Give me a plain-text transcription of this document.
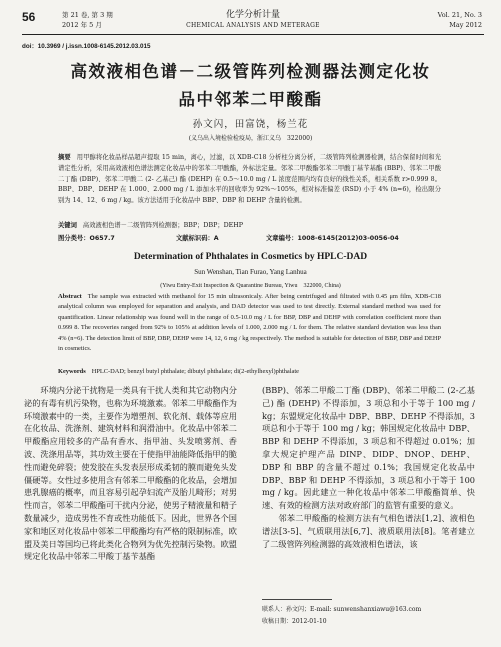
56	第 21 卷, 第 3 期
2012 年 5 月
化学分析计量
CHEMICAL ANALYSIS AND METERAGE
Vol. 21, No. 3
May 2012
doi：10.3969 / j.issn.1008-6145.2012.03.015
高效液相色谱－二级管阵列检测器法测定化妆
品中邻苯二甲酸酯
孙文闪，田富饶，杨兰花
(义乌出入境检验检疫局，浙江义乌　322000)
摘要 用甲醇将化妆品样品超声提取 15 min，离心，过滤，以 XDB-C18 分析柱分离分析，二级管阵列检测器检测，结合保留时间和光谱定性分析，采用高效液相色谱法测定化妆品中的邻苯二甲酸酯，外标法定量。邻苯二甲酸酯邻苯二甲酸丁基苄基酯 (BBP)、邻苯二甲酸二丁酯 (DBP)、邻苯二甲酸二 (2- 乙基己) 酯 (DEHP) 在 0.5～10.0 mg / L 浓度范围内均有良好的线性关系，相关系数 r>0.999 8。BBP、DBP、DEHP 在 1.000、2.000 mg / L 添加水平的回收率为 92%～105%，相对标准偏差 (RSD) 小于 4% (n=6)，检出限分别为 14、12、6 mg / kg。该方法适用于化妆品中 BBP、DBP 和 DEHP 含量的检测。
关键词 高效液相色谱－二级管阵列检测器；BBP；DBP；DEHP
图分类号：O657.7	文献标识码：A	文章编号：1008-6145(2012)03-0056-04
Determination of Phthalates in Cosmetics by HPLC-DAD
Sun Wenshan, Tian Furao, Yang Lanhua
(Yiwu Entry-Exit Inspection & Quarantine Bureau, Yiwu　322000, China)
Abstract The sample was extracted with methanol for 15 min ultrasonicaly. After being centrifuged and filtrated with 0.45 μm film, XDB-C18 analytical column was employed for separation and analysis, and DAD detector was used to test directly. External standard method was used for quantification. Linear relationship was found well in the range of 0.5-10.0 mg / L for BBP, DBP and DEHP with correlation coefficient more than 0.999 8. The recoveries ranged from 92% to 105% at addition levels of 1.000, 2.000 mg / L for them. The relative standard deviation was less than 4% (n=6). The detection limit of BBP, DBP, DEHP were 14, 12, 6 mg / kg respectively. The method is suitable for detection of BBP, DBP and DEHP in cosmetics.
Keywords HPLC-DAD; benzyl butyl phthalate; dibutyl phthalate; di(2-ethylhexyl)phthalate

环境内分泌干扰物是一类具有干扰人类和其它动物内分泌的有毒有机污染物，也称为环境激素。邻苯二甲酸酯作为环境激素中的一类，主要作为增塑剂、软化剂、载体等应用在化妆品、洗涤剂、建筑材料和润滑油中。化妆品中邻苯二甲酸酯应用较多的产品有香水、指甲油、头发喷雾剂、香波、洗涤用品等，其功效主要在于使指甲油能降低指甲的脆性而避免碎裂；使发胶在头发表层形成柔韧的膜而避免头发僵硬等。女性过多使用含有邻苯二甲酸酯的化妆品，会增加患乳腺癌的概率，而且容易引起孕妇流产及胎儿畸形；对男性而言，邻苯二甲酸酯可干扰内分泌，使男子精液量和精子数量减少，造成男性不育或性功能低下。因此，世界各个国家和地区对化妆品中邻苯二甲酸酯均有严格的限制标准，欧盟及美日等国均已将此类化合物列为优先控制污染物。欧盟规定化妆品中邻苯二甲酸丁基苄基酯

(BBP)、邻苯二甲酸二丁酯 (DBP)、邻苯二甲酸二 (2-乙基己) 酯 (DEHP) 不得添加，3 项总和小于等于 100 mg / kg；东盟规定化妆品中 DBP、BBP、DEHP 不得添加，3 项总和小于等于 100 mg / kg；韩国规定化妆品中 DBP、BBP 和 DEHP 不得添加，3 项总和不得超过 0.01%；加拿大规定护理产品 DINP、DIDP、DNOP、DEHP、DBP 和 BBP 的含量不超过 0.1%；我国规定化妆品中 DBP、BBP 和 DEHP 不得添加，3 项总和小于等于 100 mg / kg。因此建立一种化妆品中邻苯二甲酸酯简单、快速、有效的检测方法对政府部门的监管有重要的意义。

邻苯二甲酸酯的检测方法有气相色谱法[1,2]、液相色谱法[3-5]、气质联用法[6,7]、液质联用法[8]。笔者建立了二级管阵列检测器的高效液相色谱法，该

联系人：孙文闪；E-mail: sunwenshanxiawu@163.com
收稿日期：2012-01-10
